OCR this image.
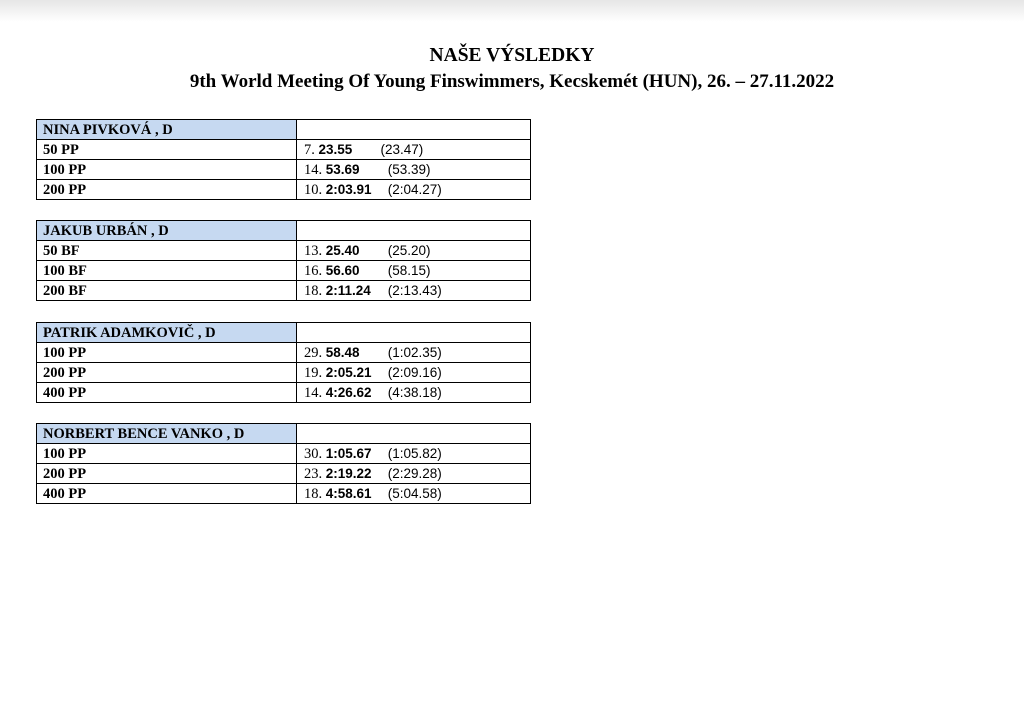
NAŠE VÝSLEDKY
9th World Meeting Of Young Finswimmers, Kecskemét (HUN), 26. – 27.11.2022
NINA PIVKOVÁ , D	
50 PP	7. 23.55 (23.47)
100 PP	14. 53.69 (53.39)
200 PP	10. 2:03.91 (2:04.27)
JAKUB URBÁN , D	
50 BF	13. 25.40 (25.20)
100 BF	16. 56.60 (58.15)
200 BF	18. 2:11.24 (2:13.43)
PATRIK ADAMKOVIČ , D	
100 PP	29. 58.48 (1:02.35)
200 PP	19. 2:05.21 (2:09.16)
400 PP	14. 4:26.62 (4:38.18)
NORBERT BENCE VANKO , D	
100 PP	30. 1:05.67 (1:05.82)
200 PP	23. 2:19.22 (2:29.28)
400 PP	18. 4:58.61 (5:04.58)
